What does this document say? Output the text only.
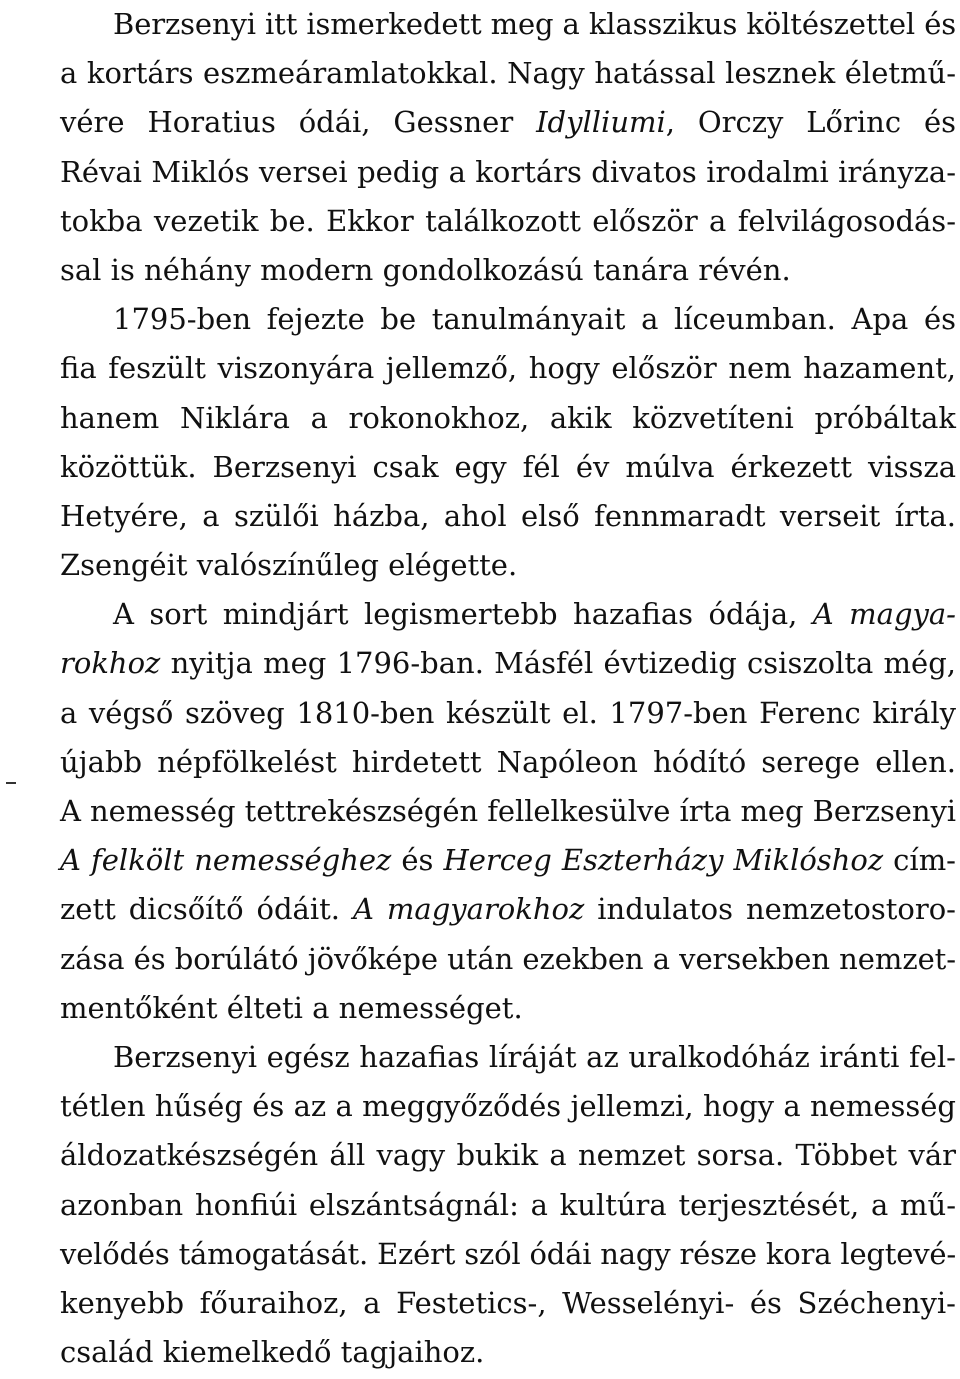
Berzsenyi itt ismerkedett meg a klasszikus költészettel és
a kortárs eszmeáramlatokkal. Nagy hatással lesznek életmű-
vére Horatius ódái, Gessner Idylliumi, Orczy Lőrinc és
Révai Miklós versei pedig a kortárs divatos irodalmi irányza-
tokba vezetik be. Ekkor találkozott először a felvilágosodás-
sal is néhány modern gondolkozású tanára révén.
1795-ben fejezte be tanulmányait a líceumban. Apa és
fia feszült viszonyára jellemző, hogy először nem hazament,
hanem Niklára a rokonokhoz, akik közvetíteni próbáltak
közöttük. Berzsenyi csak egy fél év múlva érkezett vissza
Hetyére, a szülői házba, ahol első fennmaradt verseit írta.
Zsengéit valószínűleg elégette.
A sort mindjárt legismertebb hazafias ódája, A magya-
rokhoz nyitja meg 1796-ban. Másfél évtizedig csiszolta még,
a végső szöveg 1810-ben készült el. 1797-ben Ferenc király
újabb népfölkelést hirdetett Napóleon hódító serege ellen.
A nemesség tettrekészségén fellelkesülve írta meg Berzsenyi
A felkölt nemességhez és Herceg Eszterházy Miklóshoz cím-
zett dicsőítő ódáit. A magyarokhoz indulatos nemzetostoro-
zása és borúlátó jövőképe után ezekben a versekben nemzet-
mentőként élteti a nemességet.
Berzsenyi egész hazafias líráját az uralkodóház iránti fel-
tétlen hűség és az a meggyőződés jellemzi, hogy a nemesség
áldozatkészségén áll vagy bukik a nemzet sorsa. Többet vár
azonban honfiúi elszántságnál: a kultúra terjesztését, a mű-
velődés támogatását. Ezért szól ódái nagy része kora legtevé-
kenyebb főuraihoz, a Festetics-, Wesselényi- és Széchenyi-
család kiemelkedő tagjaihoz.
